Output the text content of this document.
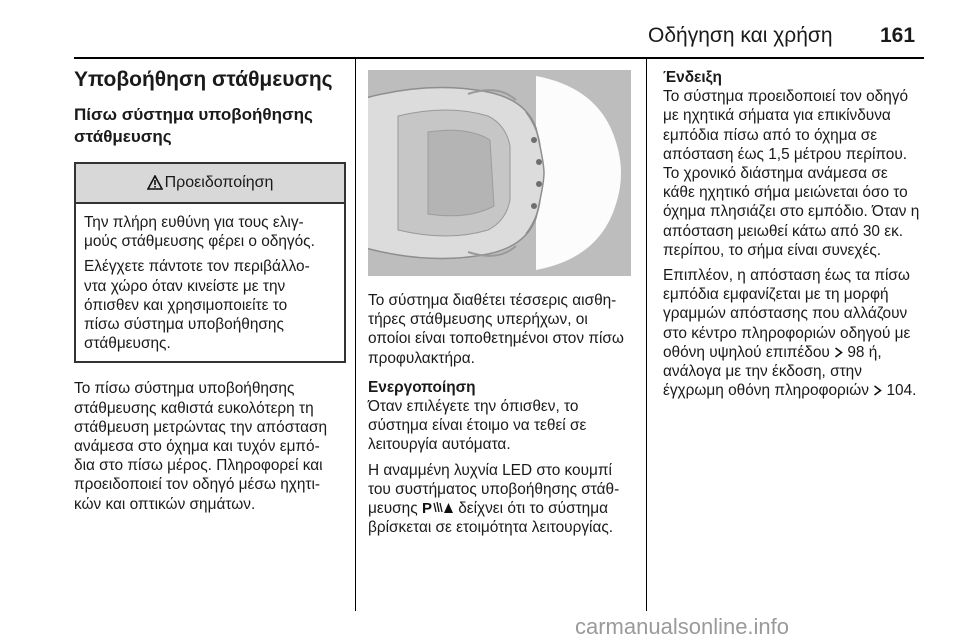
Οδήγηση και χρήση 161
Υποβοήθηση στάθμευσης
Πίσω σύστημα υποβοήθησης
στάθμευσης
Προειδοποίηση

Την πλήρη ευθύνη για τους ελιγ-
μούς στάθμευσης φέρει ο οδηγός.

Ελέγχετε πάντοτε τον περιβάλλο-
ντα χώρο όταν κινείστε με την
όπισθεν και χρησιμοποιείτε το
πίσω σύστημα υποβοήθησης
στάθμευσης.

Το πίσω σύστημα υποβοήθησης
στάθμευσης καθιστά ευκολότερη τη
στάθμευση μετρώντας την απόσταση
ανάμεσα στο όχημα και τυχόν εμπό-
δια στο πίσω μέρος. Πληροφορεί και
προειδοποιεί τον οδηγό μέσω ηχητι-
κών και οπτικών σημάτων.

Το σύστημα διαθέτει τέσσερις αισθη-
τήρες στάθμευσης υπερήχων, οι
οποίοι είναι τοποθετημένοι στον πίσω
προφυλακτήρα.

Ενεργοποίηση

Όταν επιλέγετε την όπισθεν, το
σύστημα είναι έτοιμο να τεθεί σε
λειτουργία αυτόματα.

Η αναμμένη λυχνία LED στο κουμπί
του συστήματος υποβοήθησης στάθ-
μευσης P δείχνει ότι το σύστημα
βρίσκεται σε ετοιμότητα λειτουργίας.

Ένδειξη

Το σύστημα προειδοποιεί τον οδηγό
με ηχητικά σήματα για επικίνδυνα
εμπόδια πίσω από το όχημα σε
απόσταση έως 1,5 μέτρου περίπου.
Το χρονικό διάστημα ανάμεσα σε
κάθε ηχητικό σήμα μειώνεται όσο το
όχημα πλησιάζει στο εμπόδιο. Όταν η
απόσταση μειωθεί κάτω από 30 εκ.
περίπου, το σήμα είναι συνεχές.

Επιπλέον, η απόσταση έως τα πίσω
εμπόδια εμφανίζεται με τη μορφή
γραμμών απόστασης που αλλάζουν
στο κέντρο πληροφοριών οδηγού με
οθόνη υψηλού επιπέδου 98 ή,
ανάλογα με την έκδοση, στην
έγχρωμη οθόνη πληροφοριών 104.

carmanualsonline.info
